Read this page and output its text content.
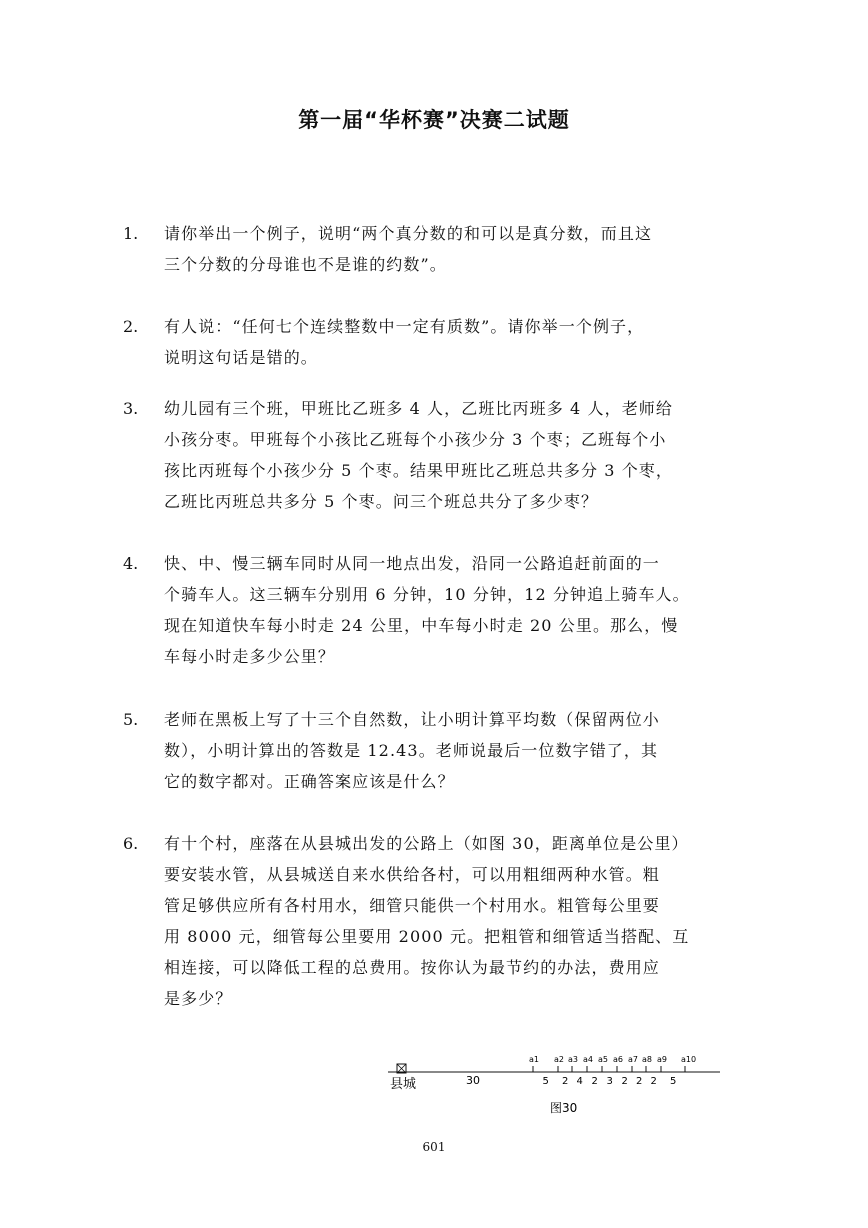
第一届“华杯赛”决赛二试题
1.	请你举出一个例子，说明“两个真分数的和可以是真分数，而且这
三个分数的分母谁也不是谁的约数”。
2.	有人说：“任何七个连续整数中一定有质数”。请你举一个例子，
说明这句话是错的。
3.	幼儿园有三个班，甲班比乙班多 4 人，乙班比丙班多 4 人，老师给
小孩分枣。甲班每个小孩比乙班每个小孩少分 3 个枣；乙班每个小
孩比丙班每个小孩少分 5 个枣。结果甲班比乙班总共多分 3 个枣，
乙班比丙班总共多分 5 个枣。问三个班总共分了多少枣？
4.	快、中、慢三辆车同时从同一地点出发，沿同一公路追赶前面的一
个骑车人。这三辆车分别用 6 分钟，10 分钟，12 分钟追上骑车人。
现在知道快车每小时走 24 公里，中车每小时走 20 公里。那么，慢
车每小时走多少公里？
5.	老师在黑板上写了十三个自然数，让小明计算平均数（保留两位小
数），小明计算出的答数是 12.43。老师说最后一位数字错了，其
它的数字都对。正确答案应该是什么？
6.	有十个村，座落在从县城出发的公路上（如图 30，距离单位是公里）
要安装水管，从县城送自来水供给各村，可以用粗细两种水管。粗
管足够供应所有各村用水，细管只能供一个村用水。粗管每公里要
用 8000 元，细管每公里要用 2000 元。把粗管和细管适当搭配、互
相连接，可以降低工程的总费用。按你认为最节约的办法，费用应
是多少？
县城	30
a1 a2 a3 a4 a5 a6 a7 a8 a9 a10
5 2 4 2 3 2 2 2 5
图30
601
